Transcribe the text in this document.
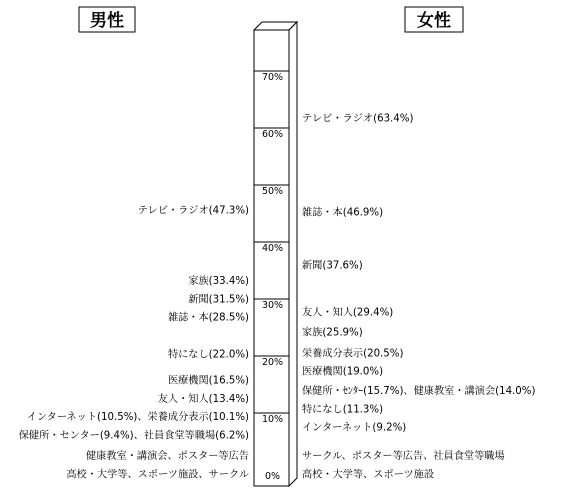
男性	女性
0%
10%
20%
30%
40%
50%
60%
70%
テレビ・ラジオ(47.3%)
家族(33.4%)
新聞(31.5%)
雑誌・本(28.5%)
特になし(22.0%)
医療機関(16.5%)
友人・知人(13.4%)
インターネット(10.5%)、栄養成分表示(10.1%)
保健所・センター(9.4%)、社員食堂等職場(6.2%)
健康教室・講演会、ポスター等広告
高校・大学等、スポーツ施設、サークル
テレビ・ラジオ(63.4%)
雑誌・本(46.9%)
新聞(37.6%)
友人・知人(29.4%)
家族(25.9%)
栄養成分表示(20.5%)
医療機関(19.0%)
保健所・ｾﾝﾀｰ(15.7%)、健康教室・講演会(14.0%)
特になし(11.3%)
インターネット(9.2%)
サークル、ポスター等広告、社員食堂等職場
高校・大学等、スポーツ施設
